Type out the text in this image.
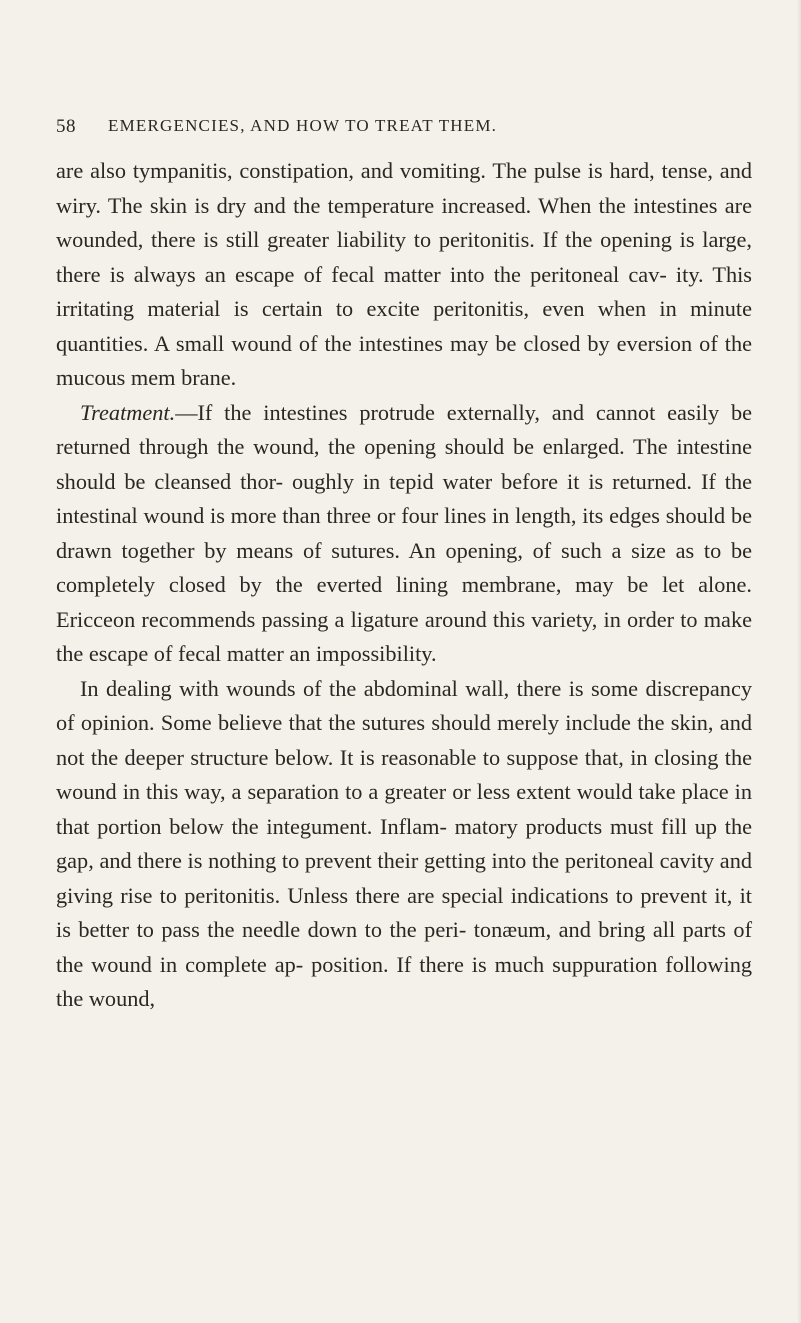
58 EMERGENCIES, AND HOW TO TREAT THEM.

are also tympanitis, constipation, and vomiting. The pulse is hard, tense, and wiry. The skin is dry and the temperature increased. When the intestines are wounded, there is still greater liability to peritonitis. If the opening is large, there is always an escape of fecal matter into the peritoneal cav- ity. This irritating material is certain to excite peritonitis, even when in minute quantities. A small wound of the intestines may be closed by eversion of the mucous mem brane.

Treatment.—If the intestines protrude externally, and cannot easily be returned through the wound, the opening should be enlarged. The intestine should be cleansed thor- oughly in tepid water before it is returned. If the intestinal wound is more than three or four lines in length, its edges should be drawn together by means of sutures. An opening, of such a size as to be completely closed by the everted lining membrane, may be let alone. Ericceon recommends passing a ligature around this variety, in order to make the escape of fecal matter an impossibility.

In dealing with wounds of the abdominal wall, there is some discrepancy of opinion. Some believe that the sutures should merely include the skin, and not the deeper structure below. It is reasonable to suppose that, in closing the wound in this way, a separation to a greater or less extent would take place in that portion below the integument. Inflam- matory products must fill up the gap, and there is nothing to prevent their getting into the peritoneal cavity and giving rise to peritonitis. Unless there are special indications to prevent it, it is better to pass the needle down to the peri- tonæum, and bring all parts of the wound in complete ap- position. If there is much suppuration following the wound,
